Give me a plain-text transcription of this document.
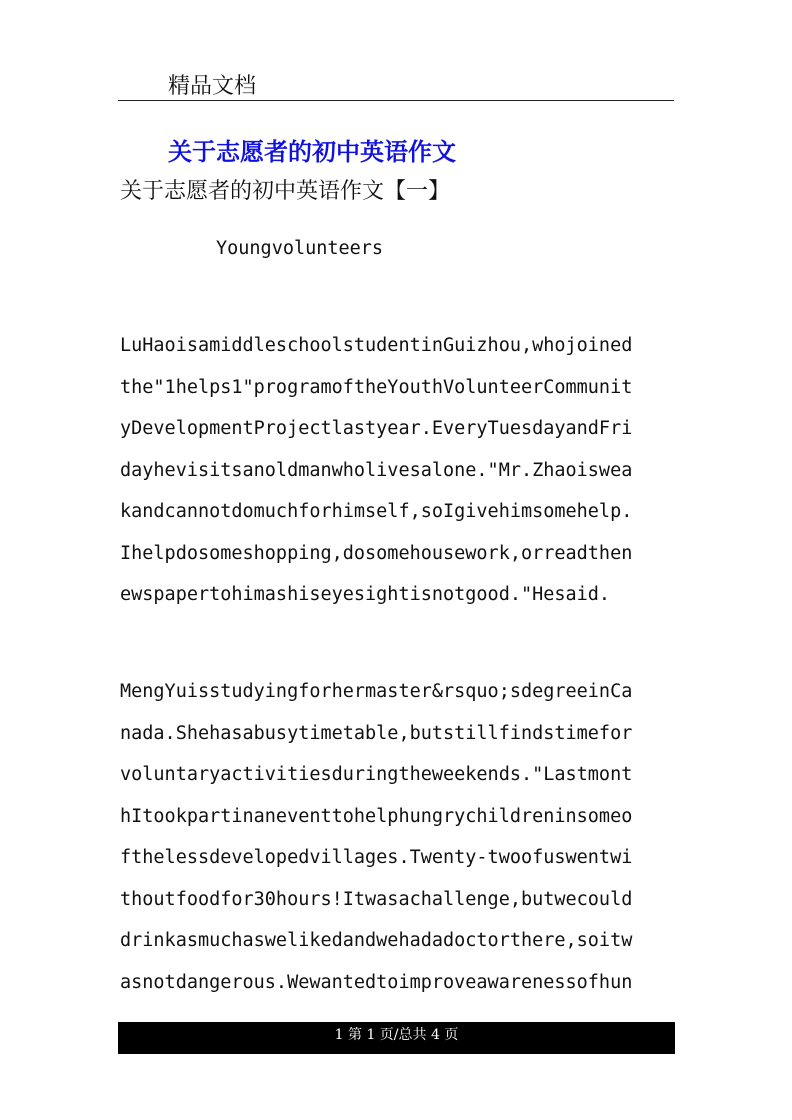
精品文档
关于志愿者的初中英语作文
关于志愿者的初中英语作文【一】
Youngvolunteers
LuHaoisamiddleschoolstudentinGuizhou,whojoined
the"1helps1"programoftheYouthVolunteerCommunit
yDevelopmentProjectlastyear.EveryTuesdayandFri
dayhevisitsanoldmanwholivesalone."Mr.Zhaoiswea
kandcannotdomuchforhimself,soIgivehimsomehelp.
Ihelpdosomeshopping,dosomehousework,orreadthen
ewspapertohimashiseyesightisnotgood."Hesaid.
MengYuisstudyingforhermaster&rsquo;sdegreeinCa
nada.Shehasabusytimetable,butstillfindstimefor
voluntaryactivitiesduringtheweekends."Lastmont
hItookpartinaneventtohelphungrychildreninsomeo
fthelessdevelopedvillages.Twenty-twoofuswentwi
thoutfoodfor30hours!Itwasachallenge,butwecould
drinkasmuchaswelikedandwehadadoctorthere,soitw
asnotdangerous.Wewantedtoimproveawarenessofhun
1 第 1 页/总共 4 页
